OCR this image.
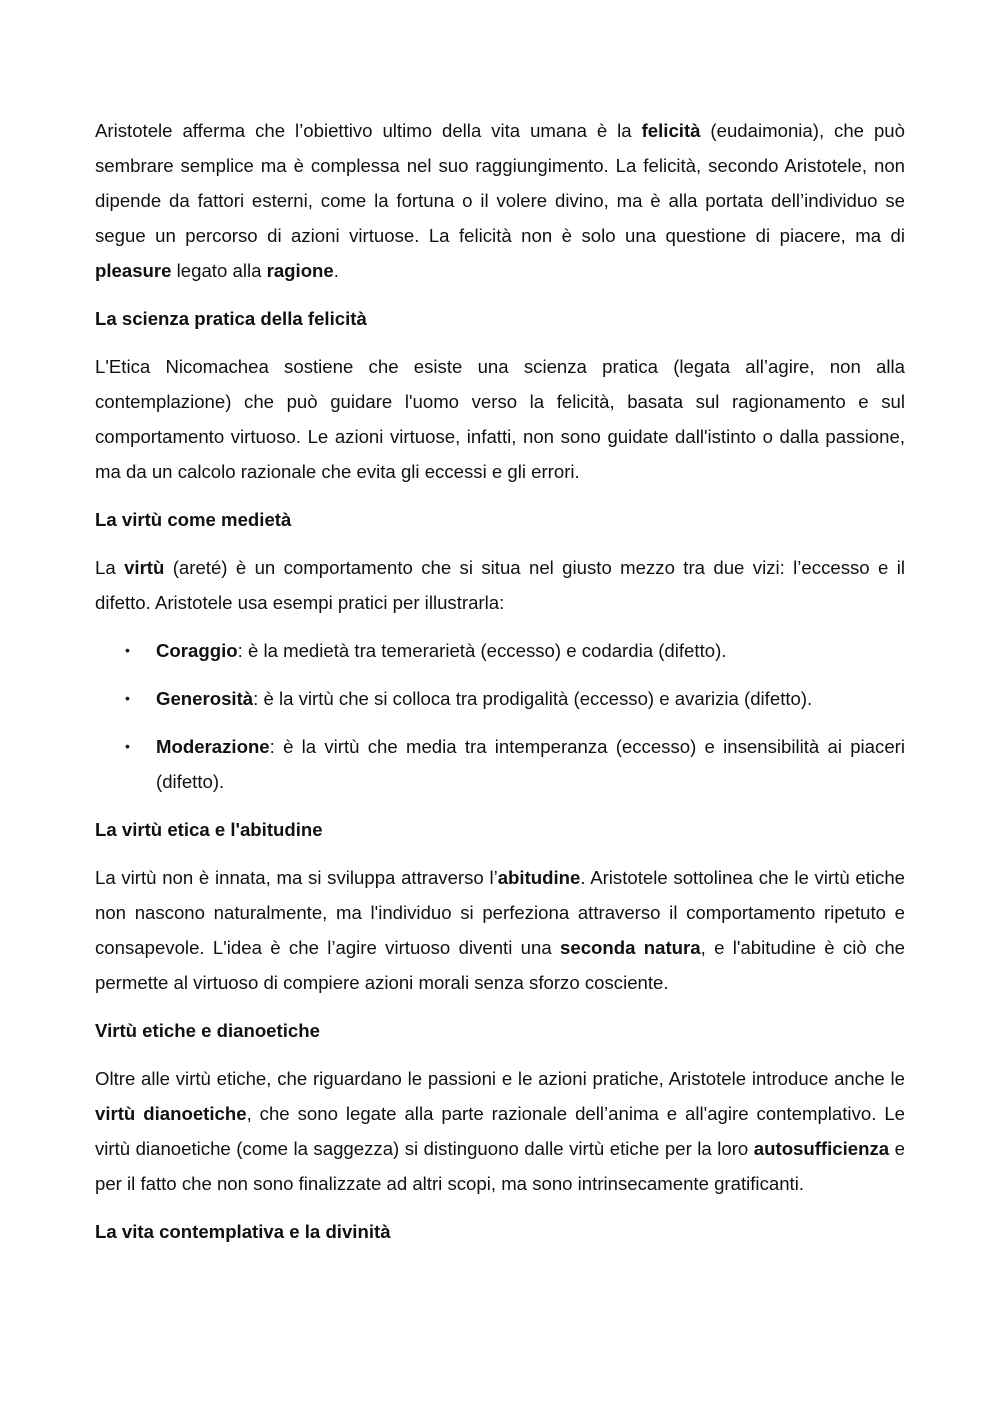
Aristotele afferma che l’obiettivo ultimo della vita umana è la felicità (eudaimonia), che può sembrare semplice ma è complessa nel suo raggiungimento. La felicità, secondo Aristotele, non dipende da fattori esterni, come la fortuna o il volere divino, ma è alla portata dell’individuo se segue un percorso di azioni virtuose. La felicità non è solo una questione di piacere, ma di pleasure legato alla ragione.

La scienza pratica della felicità

L'Etica Nicomachea sostiene che esiste una scienza pratica (legata all’agire, non alla contemplazione) che può guidare l'uomo verso la felicità, basata sul ragionamento e sul comportamento virtuoso. Le azioni virtuose, infatti, non sono guidate dall'istinto o dalla passione, ma da un calcolo razionale che evita gli eccessi e gli errori.

La virtù come medietà

La virtù (areté) è un comportamento che si situa nel giusto mezzo tra due vizi: l’eccesso e il difetto. Aristotele usa esempi pratici per illustrarla:

• Coraggio: è la medietà tra temerarietà (eccesso) e codardia (difetto).
• Generosità: è la virtù che si colloca tra prodigalità (eccesso) e avarizia (difetto).
• Moderazione: è la virtù che media tra intemperanza (eccesso) e insensibilità ai piaceri (difetto).
La virtù etica e l'abitudine

La virtù non è innata, ma si sviluppa attraverso l’abitudine. Aristotele sottolinea che le virtù etiche non nascono naturalmente, ma l'individuo si perfeziona attraverso il comportamento ripetuto e consapevole. L'idea è che l’agire virtuoso diventi una seconda natura, e l'abitudine è ciò che permette al virtuoso di compiere azioni morali senza sforzo cosciente.

Virtù etiche e dianoetiche

Oltre alle virtù etiche, che riguardano le passioni e le azioni pratiche, Aristotele introduce anche le virtù dianoetiche, che sono legate alla parte razionale dell’anima e all'agire contemplativo. Le virtù dianoetiche (come la saggezza) si distinguono dalle virtù etiche per la loro autosufficienza e per il fatto che non sono finalizzate ad altri scopi, ma sono intrinsecamente gratificanti.

La vita contemplativa e la divinità
